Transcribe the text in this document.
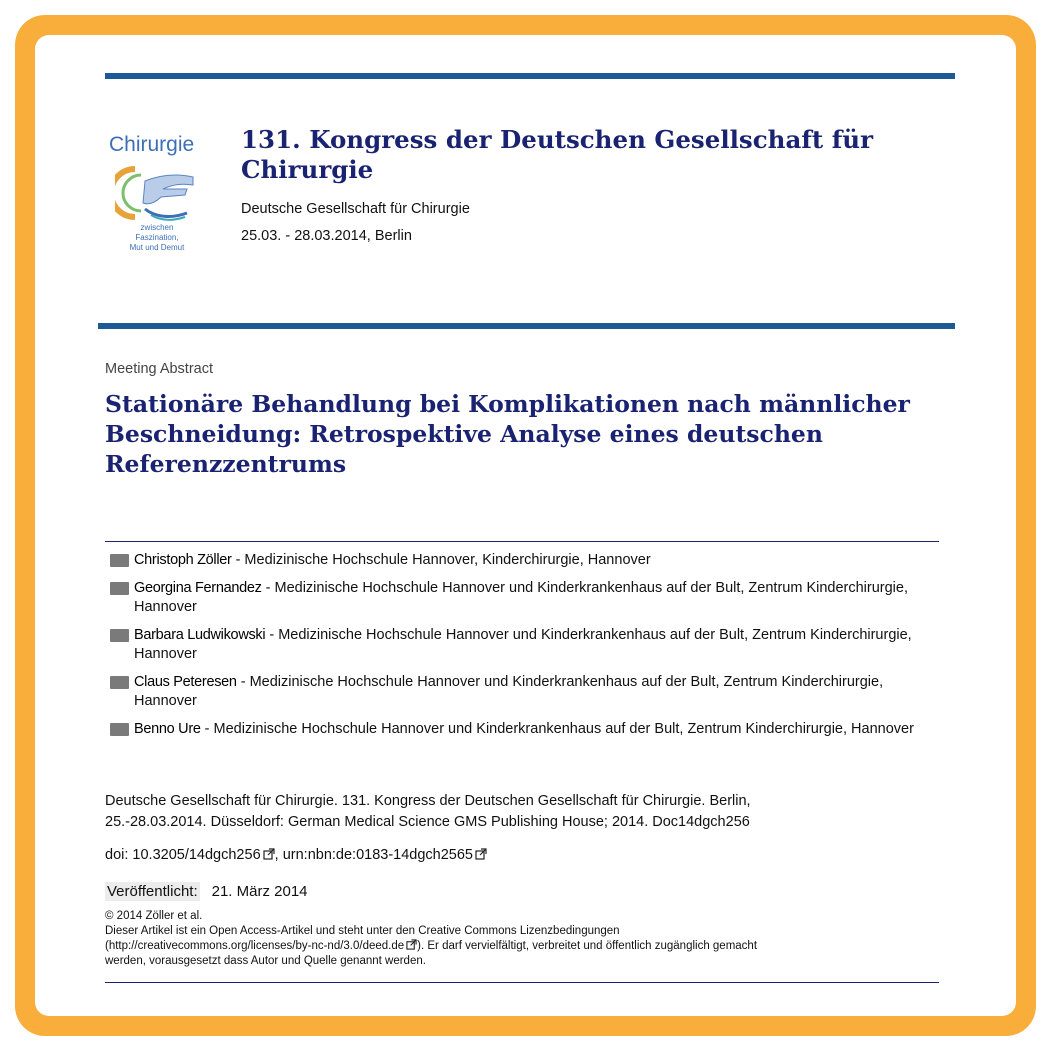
Chirurgie
zwischen
Faszination,
Mut und Demut
131. Kongress der Deutschen Gesellschaft für Chirurgie
Deutsche Gesellschaft für Chirurgie
25.03. - 28.03.2014, Berlin
Meeting Abstract
Stationäre Behandlung bei Komplikationen nach männlicher Beschneidung: Retrospektive Analyse eines deutschen Referenzzentrums
Christoph Zöller - Medizinische Hochschule Hannover, Kinderchirurgie, Hannover
Georgina Fernandez - Medizinische Hochschule Hannover und Kinderkrankenhaus auf der Bult, Zentrum Kinderchirurgie, Hannover
Barbara Ludwikowski - Medizinische Hochschule Hannover und Kinderkrankenhaus auf der Bult, Zentrum Kinderchirurgie, Hannover
Claus Peteresen - Medizinische Hochschule Hannover und Kinderkrankenhaus auf der Bult, Zentrum Kinderchirurgie, Hannover
Benno Ure - Medizinische Hochschule Hannover und Kinderkrankenhaus auf der Bult, Zentrum Kinderchirurgie, Hannover
Deutsche Gesellschaft für Chirurgie. 131. Kongress der Deutschen Gesellschaft für Chirurgie. Berlin,
25.-28.03.2014. Düsseldorf: German Medical Science GMS Publishing House; 2014. Doc14dgch256
doi: 10.3205/14dgch256 , urn:nbn:de:0183-14dgch2565
Veröffentlicht: 21. März 2014

© 2014 Zöller et al.

Dieser Artikel ist ein Open Access-Artikel und steht unter den Creative Commons Lizenzbedingungen

(http://creativecommons.org/licenses/by-nc-nd/3.0/deed.de ). Er darf vervielfältigt, verbreitet und öffentlich zugänglich gemacht

werden, vorausgesetzt dass Autor und Quelle genannt werden.
